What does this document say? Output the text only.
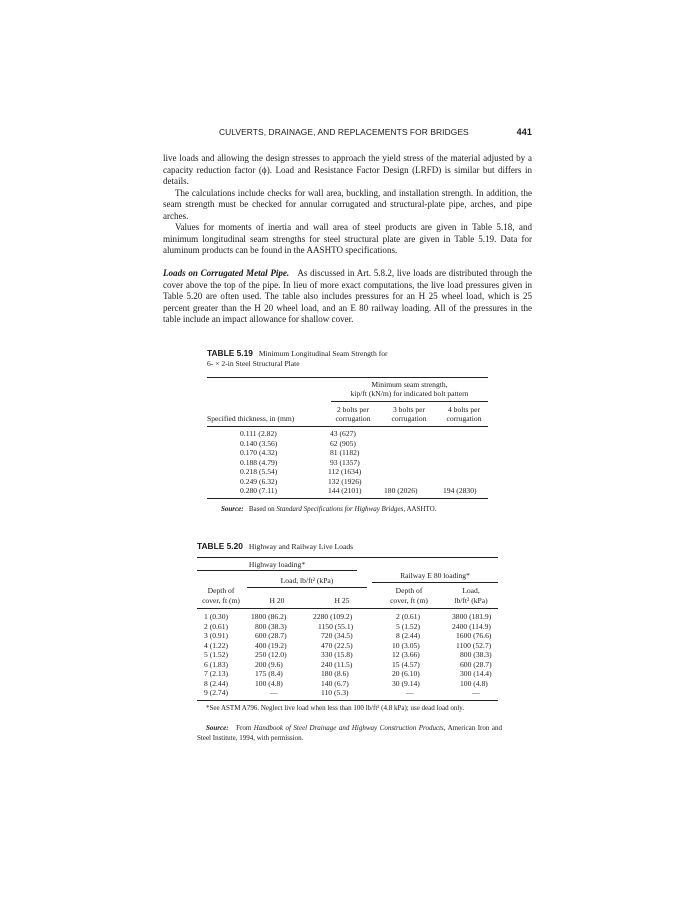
CULVERTS, DRAINAGE, AND REPLACEMENTS FOR BRIDGES	441

live loads and allowing the design stresses to approach the yield stress of the material adjusted by a capacity reduction factor (ϕ). Load and Resistance Factor Design (LRFD) is similar but differs in details.

The calculations include checks for wall area, buckling, and installation strength. In addition, the seam strength must be checked for annular corrugated and structural-plate pipe, arches, and pipe arches.

Values for moments of inertia and wall area of steel products are given in Table 5.18, and minimum longitudinal seam strengths for steel structural plate are given in Table 5.19. Data for aluminum products can be found in the AASHTO specifications.

Loads on Corrugated Metal Pipe. As discussed in Art. 5.8.2, live loads are distributed through the cover above the top of the pipe. In lieu of more exact computations, the live load pressures given in Table 5.20 are often used. The table also includes pressures for an H 25 wheel load, which is 25 percent greater than the H 20 wheel load, and an E 80 railway loading. All of the pressures in the table include an impact allowance for shallow cover.

TABLE 5.19 Minimum Longitudinal Seam Strength for
6- × 2-in Steel Structural Plate
Minimum seam strength,
kip/ft (kN/m) for indicated bolt pattern
2 bolts per
corrugation
3 bolts per
corrugation
4 bolts per
corrugation
Specified thickness, in (mm)
0.111 (2.82)	43 (627)
0.140 (3.56)	62 (905)
0.170 (4.32)	81 (1182)
0.188 (4.79)	93 (1357)
0.218 (5.54)	112 (1634)
0.249 (6.32)	132 (1926)
0.280 (7.11)	144 (2101)	180 (2026)	194 (2830)
Source: Based on Standard Specifications for Highway Bridges, AASHTO.
TABLE 5.20 Highway and Railway Live Loads
Highway loading*
Railway E 80 loading*
Load, lb/ft² (kPa)
Depth of
cover, ft (m)	H 20	H 25
Depth of
cover, ft (m)
Load,
lb/ft² (kPa)
1 (0.30)	1800 (86.2)	2280 (109.2)	2 (0.61)	3800 (181.9)
2 (0.61)	800 (38.3)	1150 (55.1)	5 (1.52)	2400 (114.9)
3 (0.91)	600 (28.7)	720 (34.5)	8 (2.44)	1600 (76.6)
4 (1.22)	400 (19.2)	470 (22.5)	10 (3.05)	1100 (52.7)
5 (1.52)	250 (12.0)	330 (15.8)	12 (3.66)	800 (38.3)
6 (1.83)	200 (9.6)	240 (11.5)	15 (4.57)	600 (28.7)
7 (2.13)	175 (8.4)	180 (8.6)	20 (6.10)	300 (14.4)
8 (2.44)	100 (4.8)	140 (6.7)	30 (9.14)	100 (4.8)
9 (2.74)	—	110 (5.3)	—	—
*See ASTM A796. Neglect live load when less than 100 lb/ft² (4.8 kPa); use dead load only.
Source: From Handbook of Steel Drainage and Highway Construction Products, American Iron and Steel Institute, 1994, with permission.
